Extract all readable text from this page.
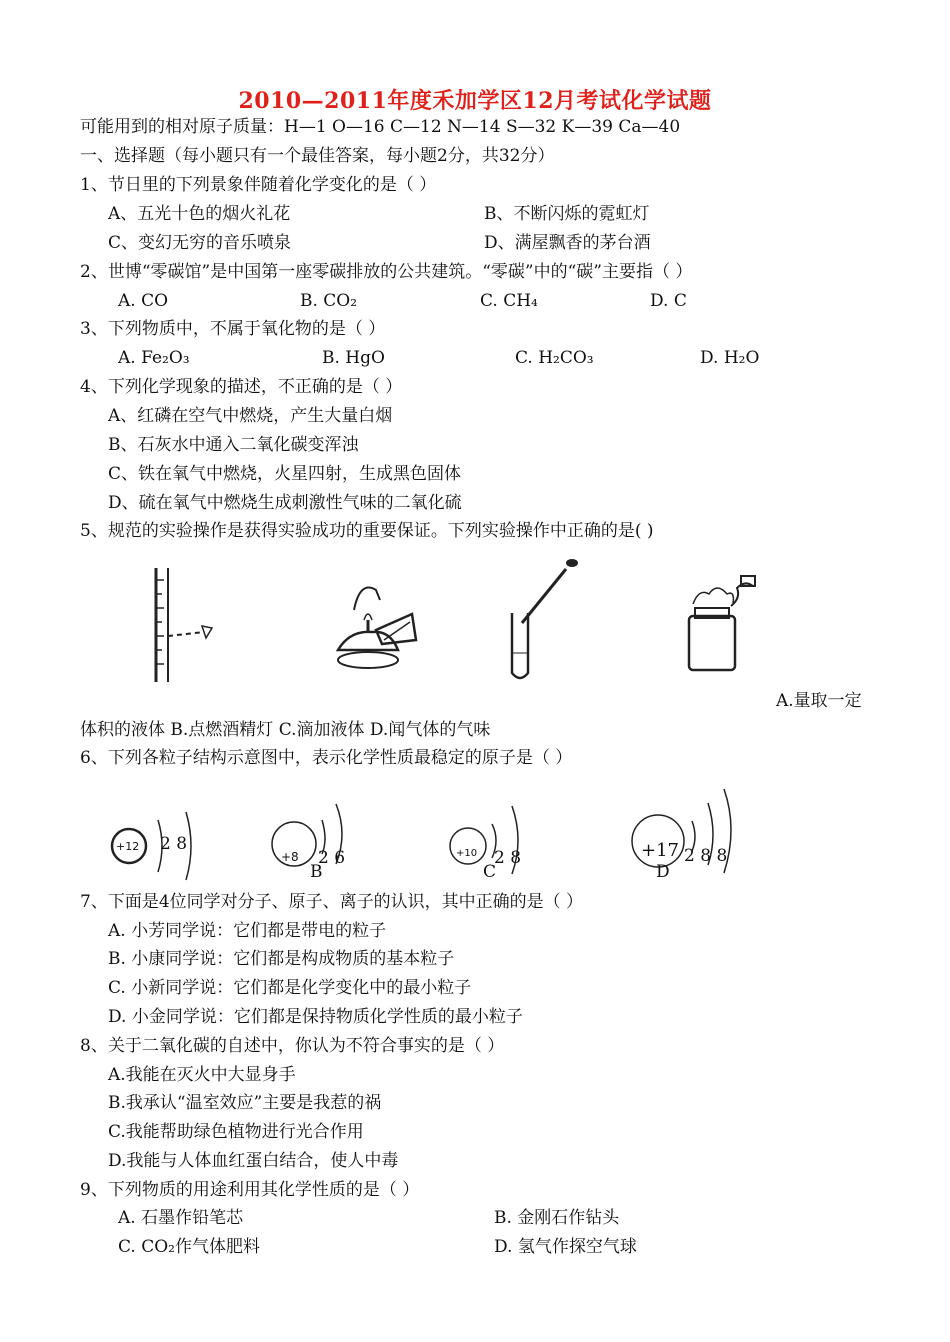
2010—2011年度禾加学区12月考试化学试题
可能用到的相对原子质量：H—1 O—16 C—12 N—14 S—32 K—39 Ca—40
一、选择题（每小题只有一个最佳答案，每小题2分，共32分）
1、节日里的下列景象伴随着化学变化的是（ ）
A、五光十色的烟火礼花	B、不断闪烁的霓虹灯
C、变幻无穷的音乐喷泉	D、满屋飘香的茅台酒
2、世博“零碳馆”是中国第一座零碳排放的公共建筑。“零碳”中的“碳”主要指（ ）
A. CO	B. CO₂	C. CH₄	D. C
3、下列物质中，不属于氧化物的是（ ）
A. Fe₂O₃	B. HgO	C. H₂CO₃	D. H₂O
4、下列化学现象的描述，不正确的是（ ）
A、红磷在空气中燃烧，产生大量白烟
B、石灰水中通入二氧化碳变浑浊
C、铁在氧气中燃烧，火星四射，生成黑色固体
D、硫在氧气中燃烧生成刺激性气味的二氧化硫
5、规范的实验操作是获得实验成功的重要保证。下列实验操作中正确的是( )
A.量取一定
体积的液体 B.点燃酒精灯 C.滴加液体 D.闻气体的气味
6、下列各粒子结构示意图中，表示化学性质最稳定的原子是（ ）
+12 2 8
+8 2 6
B
+10 2 8
C
+17 2 8 8
D
7、下面是4位同学对分子、原子、离子的认识，其中正确的是（ ）
A. 小芳同学说：它们都是带电的粒子
B. 小康同学说：它们都是构成物质的基本粒子
C. 小新同学说：它们都是化学变化中的最小粒子
D. 小金同学说：它们都是保持物质化学性质的最小粒子
8、关于二氧化碳的自述中，你认为不符合事实的是（ ）
A.我能在灭火中大显身手
B.我承认“温室效应”主要是我惹的祸
C.我能帮助绿色植物进行光合作用
D.我能与人体血红蛋白结合，使人中毒
9、下列物质的用途利用其化学性质的是（ ）
A. 石墨作铅笔芯	B. 金刚石作钻头
C. CO₂作气体肥料	D. 氢气作探空气球
